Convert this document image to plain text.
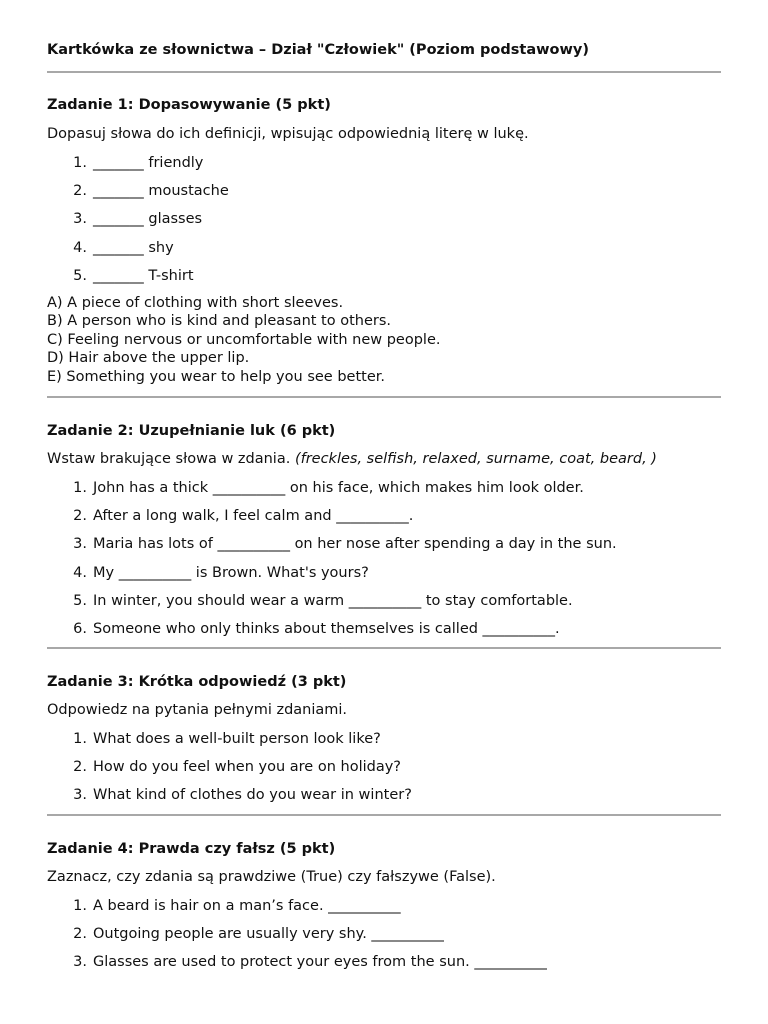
Kartkówka ze słownictwa – Dział "Człowiek" (Poziom podstawowy)
Zadanie 1: Dopasowywanie (5 pkt)
Dopasuj słowa do ich definicji, wpisując odpowiednią literę w lukę.
1. _______ friendly
2. _______ moustache
3. _______ glasses
4. _______ shy
5. _______ T-shirt
A) A piece of clothing with short sleeves.
B) A person who is kind and pleasant to others.
C) Feeling nervous or uncomfortable with new people.
D) Hair above the upper lip.
E) Something you wear to help you see better.
Zadanie 2: Uzupełnianie luk (6 pkt)
Wstaw brakujące słowa w zdania. (freckles, selfish, relaxed, surname, coat, beard, )
1. John has a thick __________ on his face, which makes him look older.
2. After a long walk, I feel calm and __________.
3. Maria has lots of __________ on her nose after spending a day in the sun.
4. My __________ is Brown. What's yours?
5. In winter, you should wear a warm __________ to stay comfortable.
6. Someone who only thinks about themselves is called __________.
Zadanie 3: Krótka odpowiedź (3 pkt)
Odpowiedz na pytania pełnymi zdaniami.
1. What does a well-built person look like?
2. How do you feel when you are on holiday?
3. What kind of clothes do you wear in winter?
Zadanie 4: Prawda czy fałsz (5 pkt)
Zaznacz, czy zdania są prawdziwe (True) czy fałszywe (False).
1. A beard is hair on a man’s face. __________
2. Outgoing people are usually very shy. __________
3. Glasses are used to protect your eyes from the sun. __________
